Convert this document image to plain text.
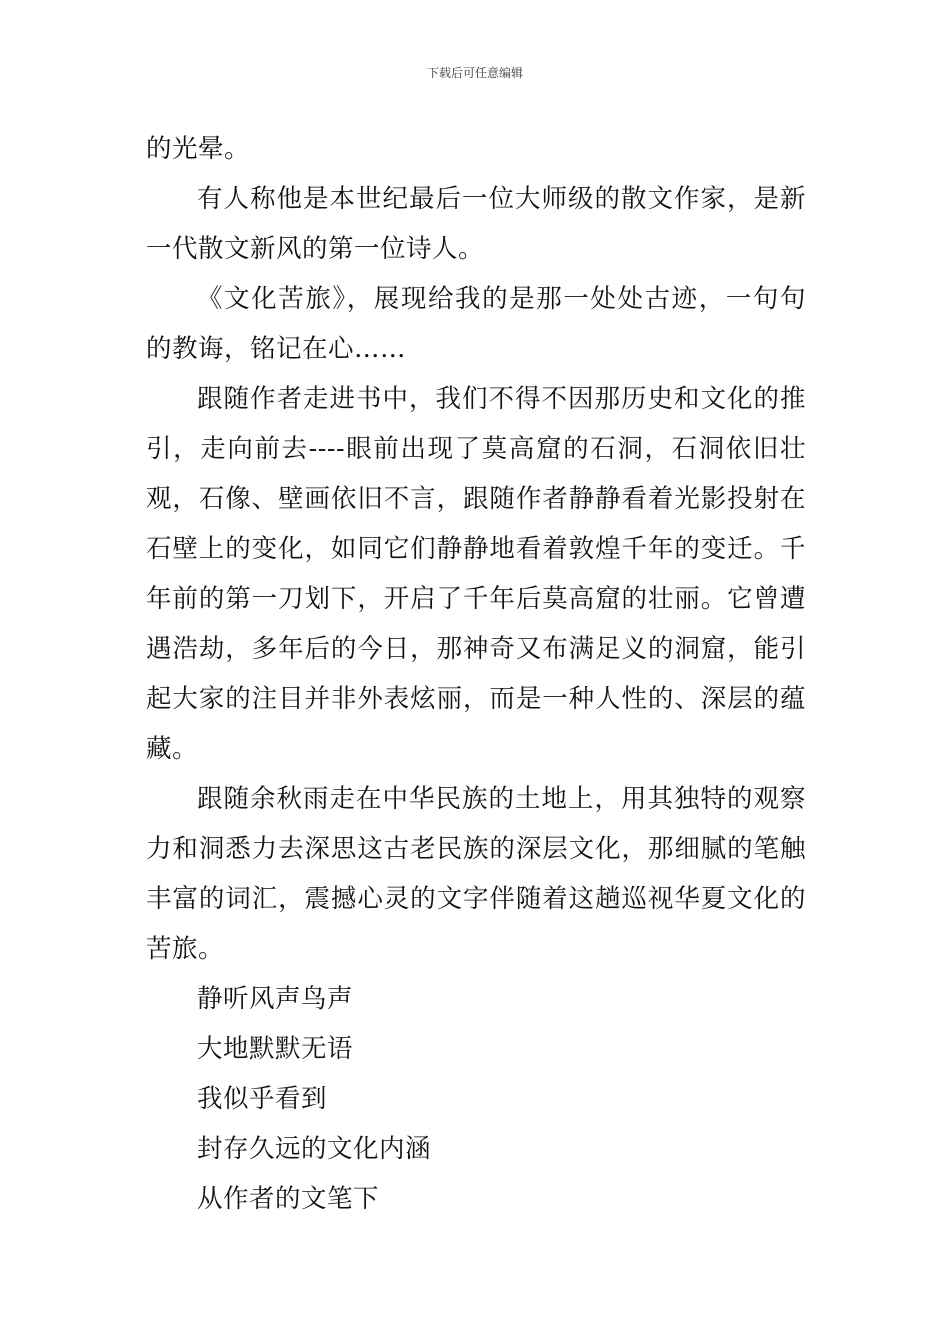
下载后可任意编辑

的光晕。

有人称他是本世纪最后一位大师级的散文作家，是新一代散文新风的第一位诗人。

《文化苦旅》，展现给我的是那一处处古迹，一句句的教诲，铭记在心……

跟随作者走进书中，我们不得不因那历史和文化的推引，走向前去----眼前出现了莫高窟的石洞，石洞依旧壮观，石像、壁画依旧不言，跟随作者静静看着光影投射在石壁上的变化，如同它们静静地看着敦煌千年的变迁。千年前的第一刀划下，开启了千年后莫高窟的壮丽。它曾遭遇浩劫，多年后的今日，那神奇又布满足义的洞窟，能引起大家的注目并非外表炫丽，而是一种人性的、深层的蕴藏。

跟随余秋雨走在中华民族的土地上，用其独特的观察力和洞悉力去深思这古老民族的深层文化，那细腻的笔触丰富的词汇，震撼心灵的文字伴随着这趟巡视华夏文化的苦旅。

静听风声鸟声

大地默默无语

我似乎看到

封存久远的文化内涵

从作者的文笔下
